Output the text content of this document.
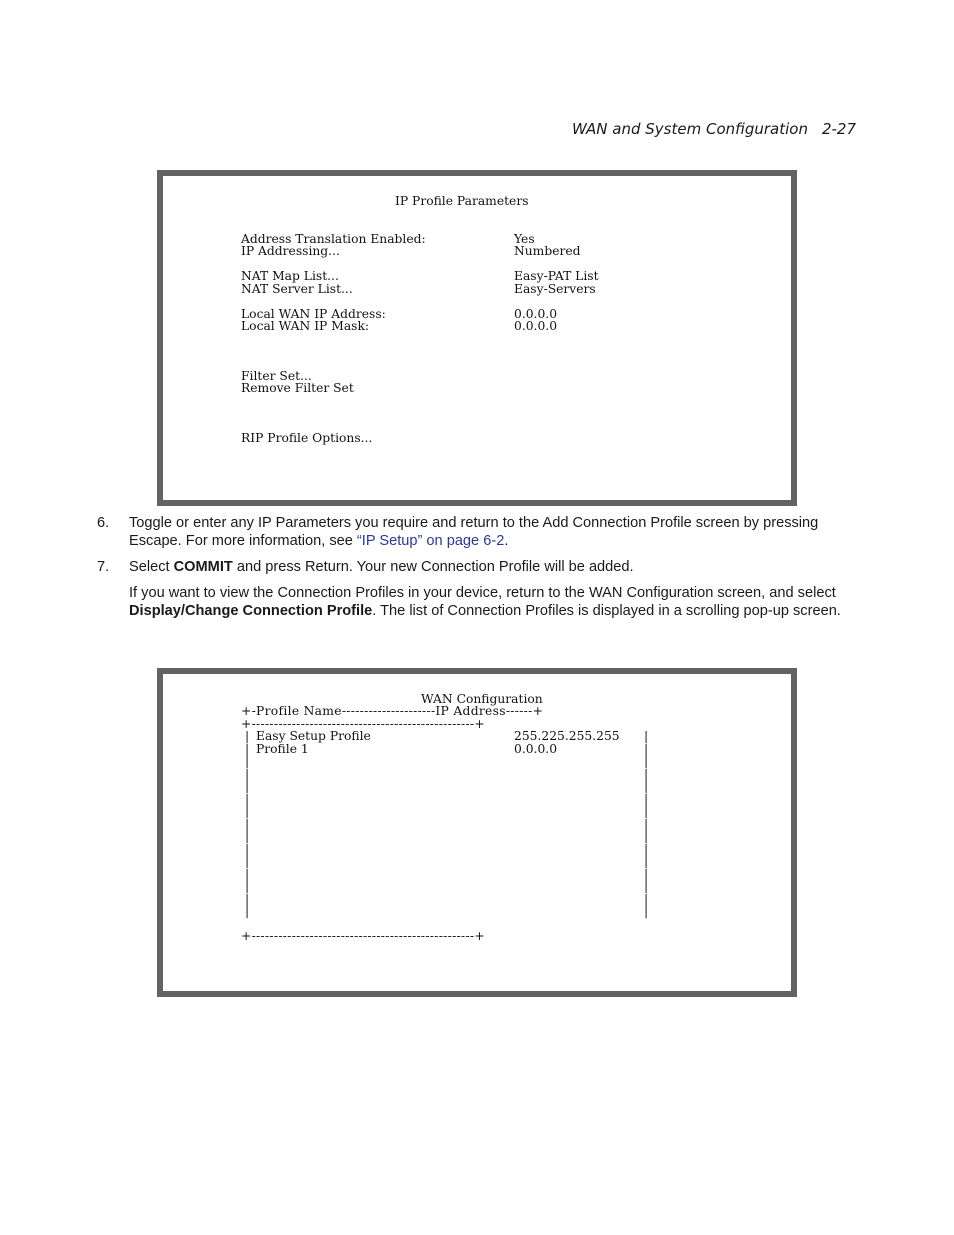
WAN and System Configuration 2-27
IP Profile Parameters
Address Translation Enabled:	Yes
IP Addressing...	Numbered
NAT Map List...	Easy-PAT List
NAT Server List...	Easy-Servers
Local WAN IP Address:	0.0.0.0
Local WAN IP Mask:	0.0.0.0
Filter Set...
Remove Filter Set
RIP Profile Options...
6. Toggle or enter any IP Parameters you require and return to the Add Connection Profile screen by pressing Escape. For more information, see “IP Setup” on page 6-2.
7. Select COMMIT and press Return. Your new Connection Profile will be added.
If you want to view the Connection Profiles in your device, return to the WAN Configuration screen, and select Display/Change Connection Profile. The list of Connection Profiles is displayed in a scrolling pop-up screen.
WAN Configuration
+-Profile Name---------------------IP Address------+
+--------------------------------------------------+
Easy Setup Profile	255.225.255.255
Profile 1	0.0.0.0
|	|
|	|
|	|
|	|
|	|
|	|
|	|
|	|
|	|
|	|
|	|
|	|
|	|
|	|
|	|
+--------------------------------------------------+
